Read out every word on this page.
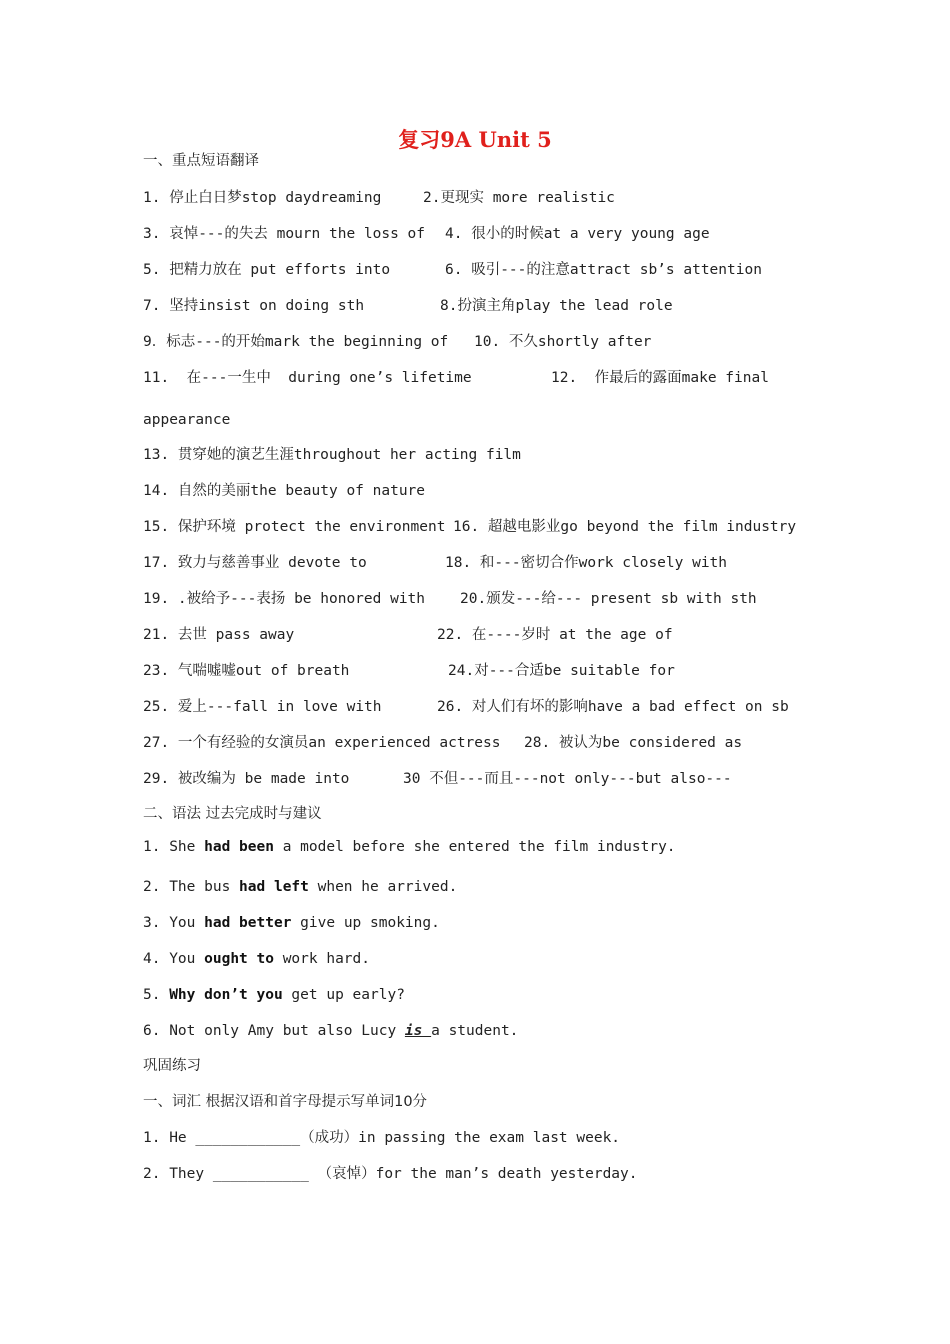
复习9A Unit 5
一、重点短语翻译
1. 停止白日梦stop daydreaming	2.更现实 more realistic
3. 哀悼---的失去 mourn the loss of 4. 很小的时候at a very young age
5. 把精力放在 put efforts into	6. 吸引---的注意attract sb’s attention
7. 坚持insist on doing sth	8.扮演主角play the lead role
9．标志---的开始mark the beginning of 10. 不久shortly after
11.  在---一生中  during one’s lifetime	12.  作最后的露面make final
appearance
13. 贯穿她的演艺生涯throughout her acting film
14. 自然的美丽the beauty of nature
15. 保护环境 protect the environment 16. 超越电影业go beyond the film industry
17. 致力与慈善事业 devote to	18. 和---密切合作work closely with
19. .被给予---表扬 be honored with 20.颁发---给--- present sb with sth
21. 去世 pass away	22. 在----岁时 at the age of
23. 气喘嘘嘘out of breath	24.对---合适be suitable for
25. 爱上---fall in love with	26. 对人们有坏的影响have a bad effect on sb
27. 一个有经验的女演员an experienced actress 28. 被认为be considered as
29. 被改编为 be made into	30 不但---而且---not only---but also---
二、语法 过去完成时与建议
1. She had been a model before she entered the film industry.
2. The bus had left when he arrived.
3. You had better give up smoking.
4. You ought to work hard.
5. Why don’t you get up early?
6. Not only Amy but also Lucy is a student.
巩固练习
一、词汇 根据汉语和首字母提示写单词10分
1. He ____________（成功）in passing the exam last week.
2. They ___________ （哀悼）for the man’s death yesterday.
